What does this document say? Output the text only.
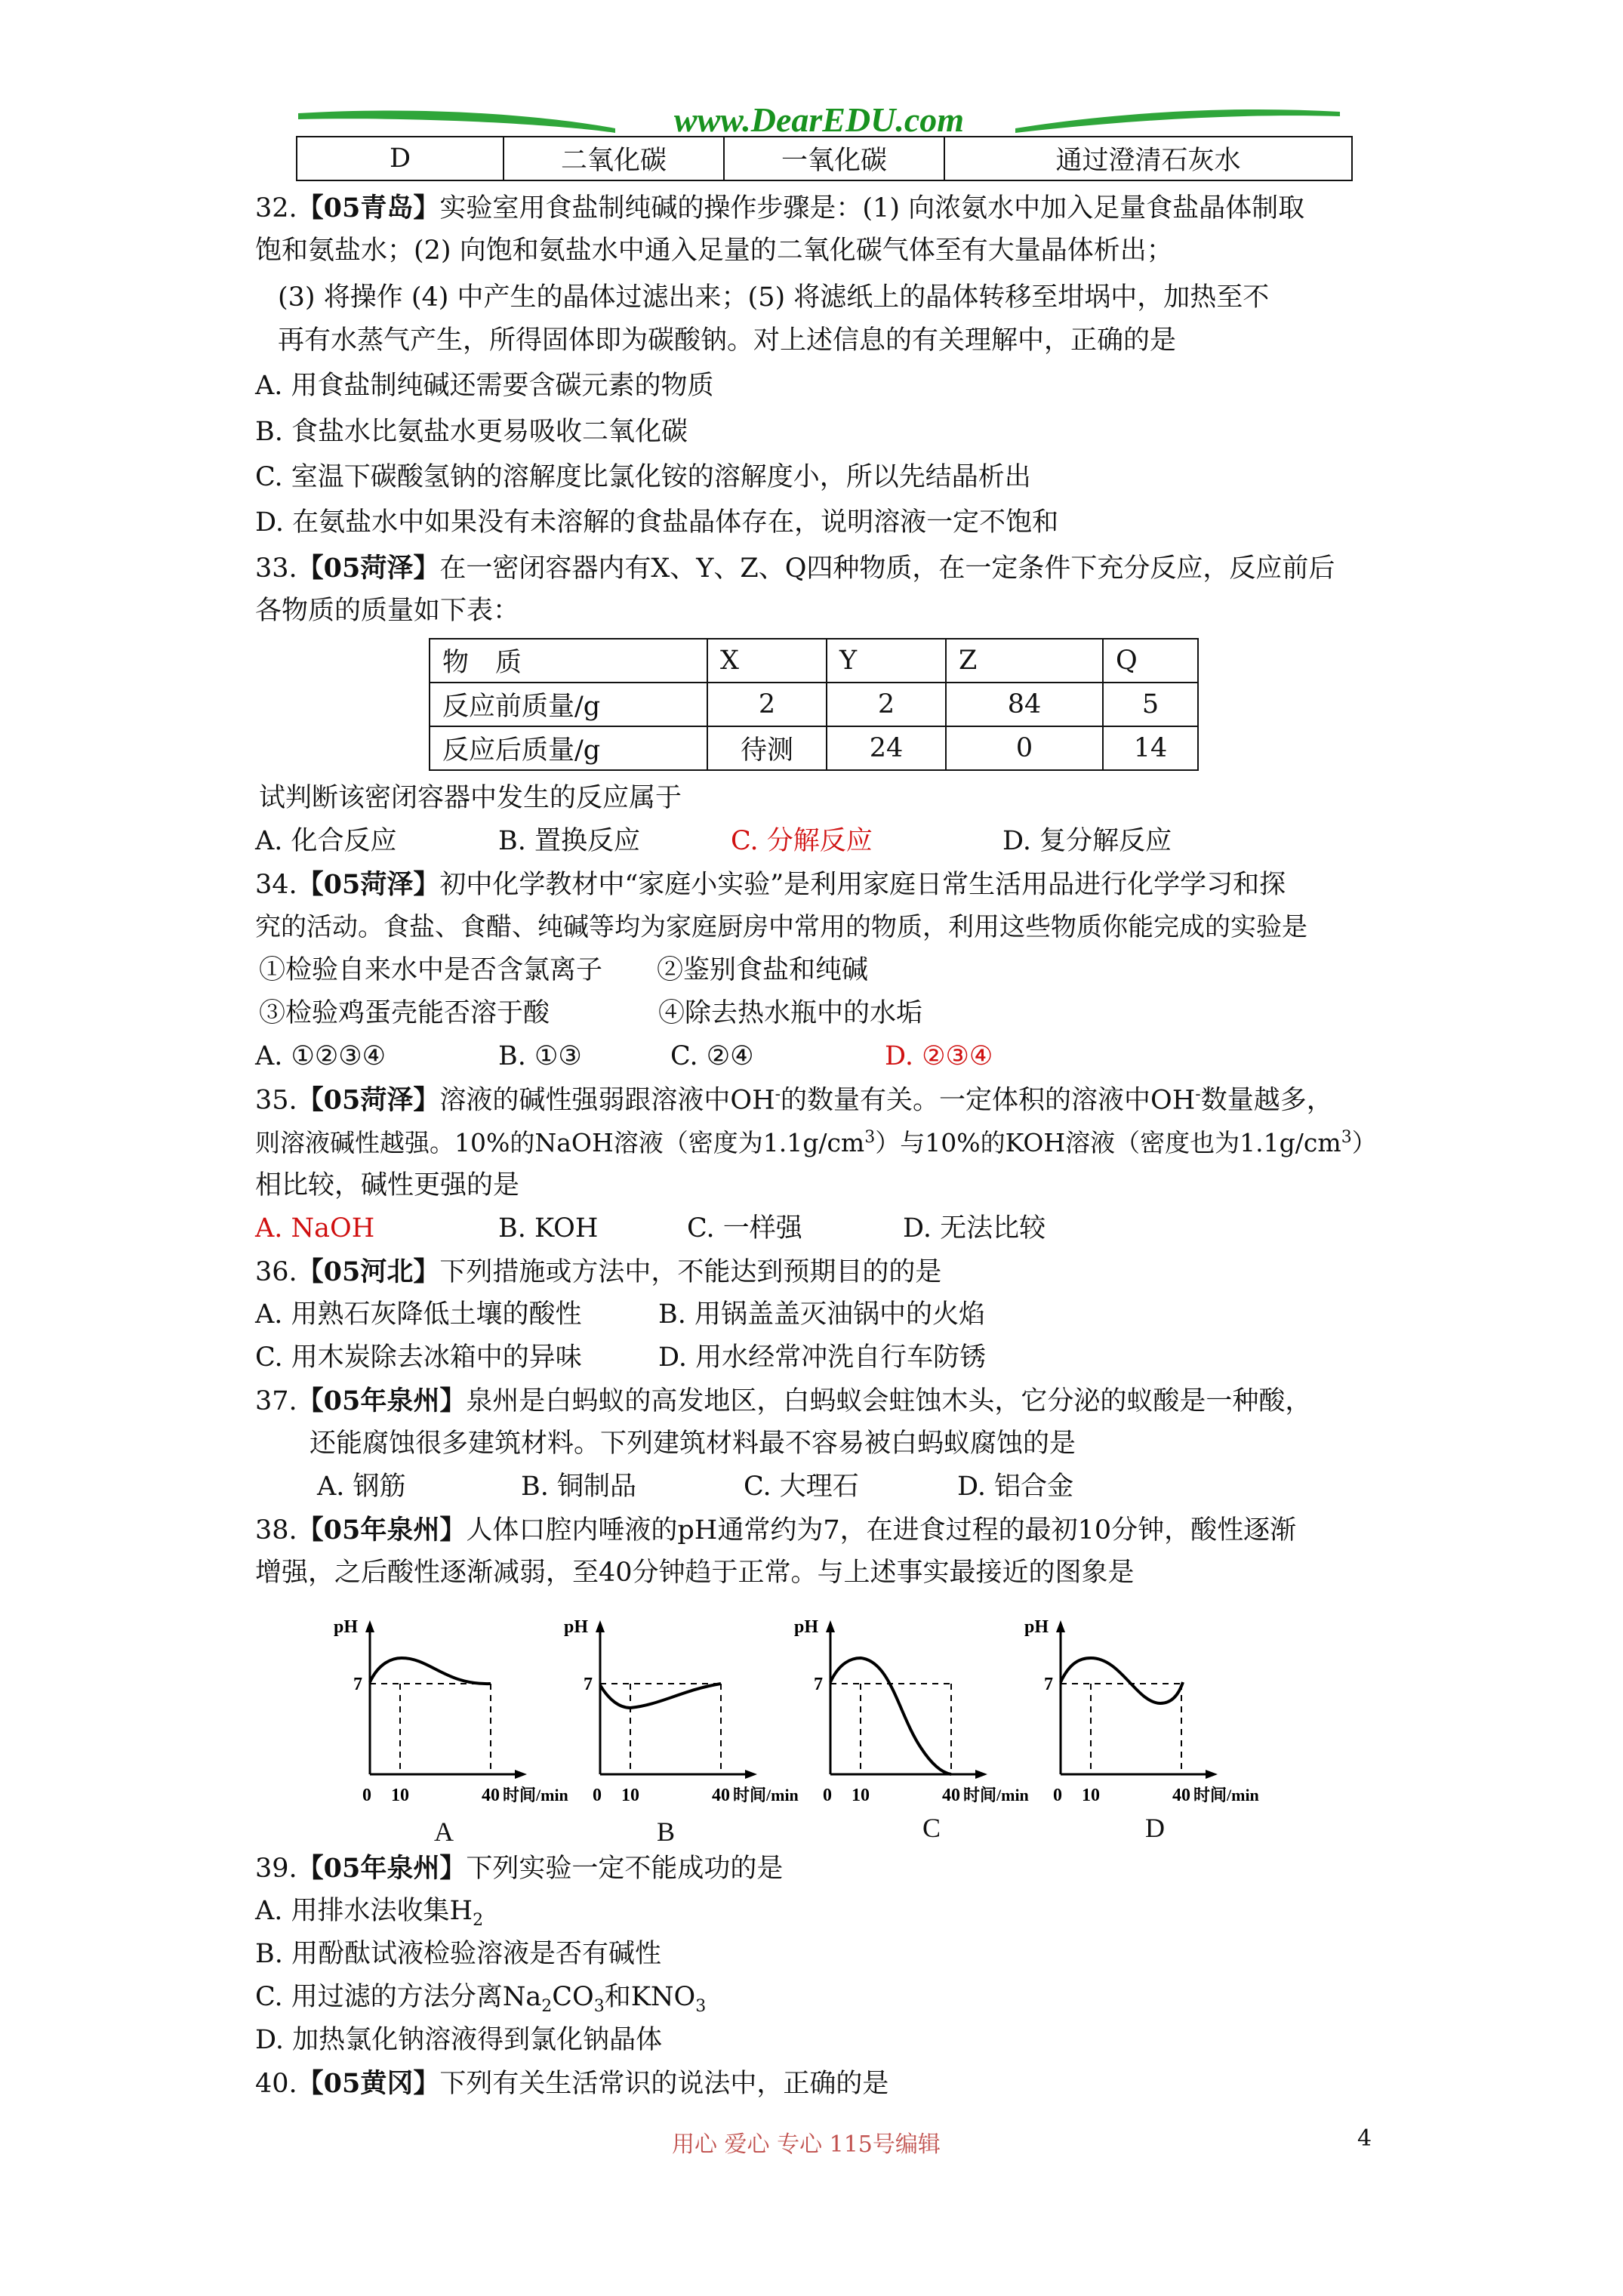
www.DearEDU.com
D	二氧化碳	一氧化碳	通过澄清石灰水
32.【05青岛】实验室用食盐制纯碱的操作步骤是：(1) 向浓氨水中加入足量食盐晶体制取
饱和氨盐水；(2) 向饱和氨盐水中通入足量的二氧化碳气体至有大量晶体析出；
(3) 将操作 (4) 中产生的晶体过滤出来；(5) 将滤纸上的晶体转移至坩埚中，加热至不
再有水蒸气产生，所得固体即为碳酸钠。对上述信息的有关理解中，正确的是
A. 用食盐制纯碱还需要含碳元素的物质
B. 食盐水比氨盐水更易吸收二氧化碳
C. 室温下碳酸氢钠的溶解度比氯化铵的溶解度小，所以先结晶析出
D. 在氨盐水中如果没有未溶解的食盐晶体存在，说明溶液一定不饱和
33.【05菏泽】在一密闭容器内有X、Y、Z、Q四种物质，在一定条件下充分反应，反应前后
各物质的质量如下表：
物　质	X	Y	Z	Q
反应前质量/g	2	2	84	5
反应后质量/g	待测	24	0	14
试判断该密闭容器中发生的反应属于
A. 化合反应	B. 置换反应	C. 分解反应	D. 复分解反应
34.【05菏泽】初中化学教材中“家庭小实验”是利用家庭日常生活用品进行化学学习和探
究的活动。食盐、食醋、纯碱等均为家庭厨房中常用的物质，利用这些物质你能完成的实验是
①检验自来水中是否含氯离子 ②鉴别食盐和纯碱
③检验鸡蛋壳能否溶于酸	④除去热水瓶中的水垢
A. ①②③④	B. ①③	C. ②④	D. ②③④
35.【05菏泽】溶液的碱性强弱跟溶液中OH-的数量有关。一定体积的溶液中OH-数量越多，
则溶液碱性越强。10%的NaOH溶液（密度为$1.1g/cm^3$）与10%的KOH溶液（密度也为$1.1g/cm^3$）
相比较，碱性更强的是
A. NaOH	B. KOH	C. 一样强	D. 无法比较
36.【05河北】下列措施或方法中，不能达到预期目的的是
A. 用熟石灰降低土壤的酸性	B. 用锅盖盖灭油锅中的火焰
C. 用木炭除去冰箱中的异味	D. 用水经常冲洗自行车防锈
37.【05年泉州】泉州是白蚂蚁的高发地区，白蚂蚁会蛀蚀木头，它分泌的蚁酸是一种酸，
还能腐蚀很多建筑材料。下列建筑材料最不容易被白蚂蚁腐蚀的是
A. 钢筋	B. 铜制品	C. 大理石	D. 铝合金
38.【05年泉州】人体口腔内唾液的pH通常约为7，在进食过程的最初10分钟，酸性逐渐
增强，之后酸性逐渐减弱，至40分钟趋于正常。与上述事实最接近的图象是
pH
7
0 10	40 时间/min
A
pH
7
0 10	40 时间/min
B
pH
7
0 10	40 时间/min
C
pH
7
0 10	40 时间/min
D
39.【05年泉州】下列实验一定不能成功的是
A. 用排水法收集$H_2$
B. 用酚酞试液检验溶液是否有碱性
C. 用过滤的方法分离$Na_2CO_3$和$KNO_3$
D. 加热氯化钠溶液得到氯化钠晶体
40.【05黄冈】下列有关生活常识的说法中，正确的是
用心 爱心 专心 115号编辑	4
